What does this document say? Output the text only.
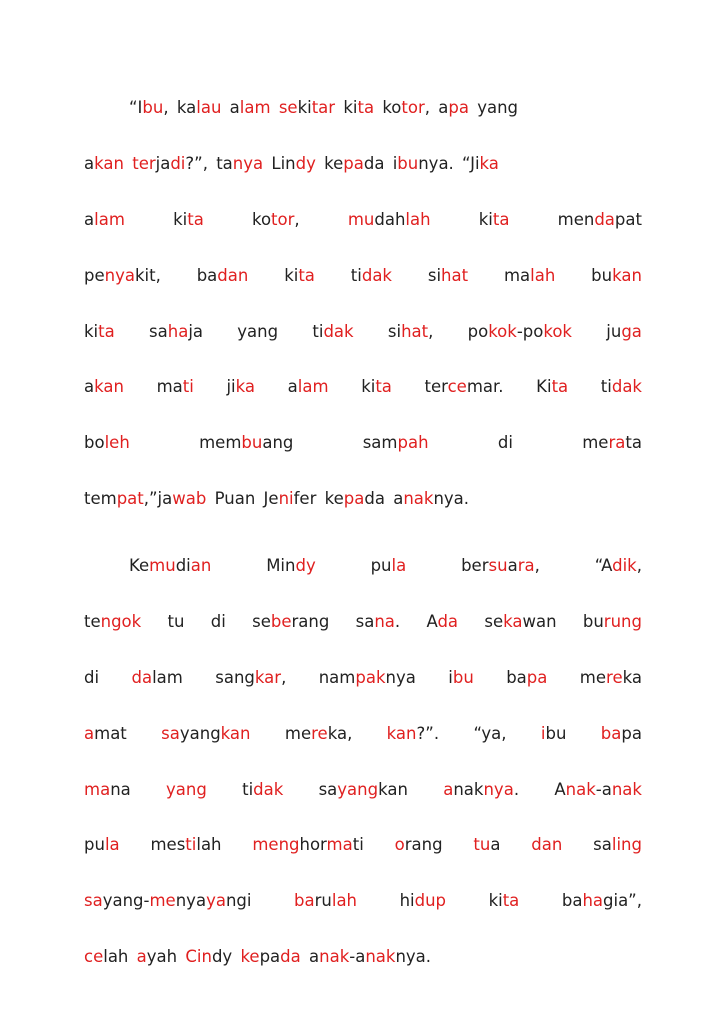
“Ibu, kalau alam sekitar kita kotor, apa yang
akan terjadi?”, tanya Lindy kepada ibunya. “Jika
alam	kita	kotor,	mudahlah	kita	mendapat
penyakit, badan kita tidak sihat malah bukan
kita sahaja yang tidak sihat, pokok-pokok juga
akan mati jika alam kita tercemar. Kita tidak
boleh	membuang	sampah	di	merata
tempat,”jawab Puan Jenifer kepada anaknya.
Kemudian	Mindy	pula	bersuara,	“Adik,
tengok tu di seberang sana. Ada sekawan burung
di dalam sangkar, nampaknya ibu bapa mereka
amat sayangkan mereka, kan?”. “ya, ibu bapa
mana yang tidak sayangkan anaknya. Anak-anak
pula mestilah menghormati orang tua dan saling
sayang-menyayangi	barulah	hidup	kita	bahagia”,
celah ayah Cindy kepada anak-anaknya.
